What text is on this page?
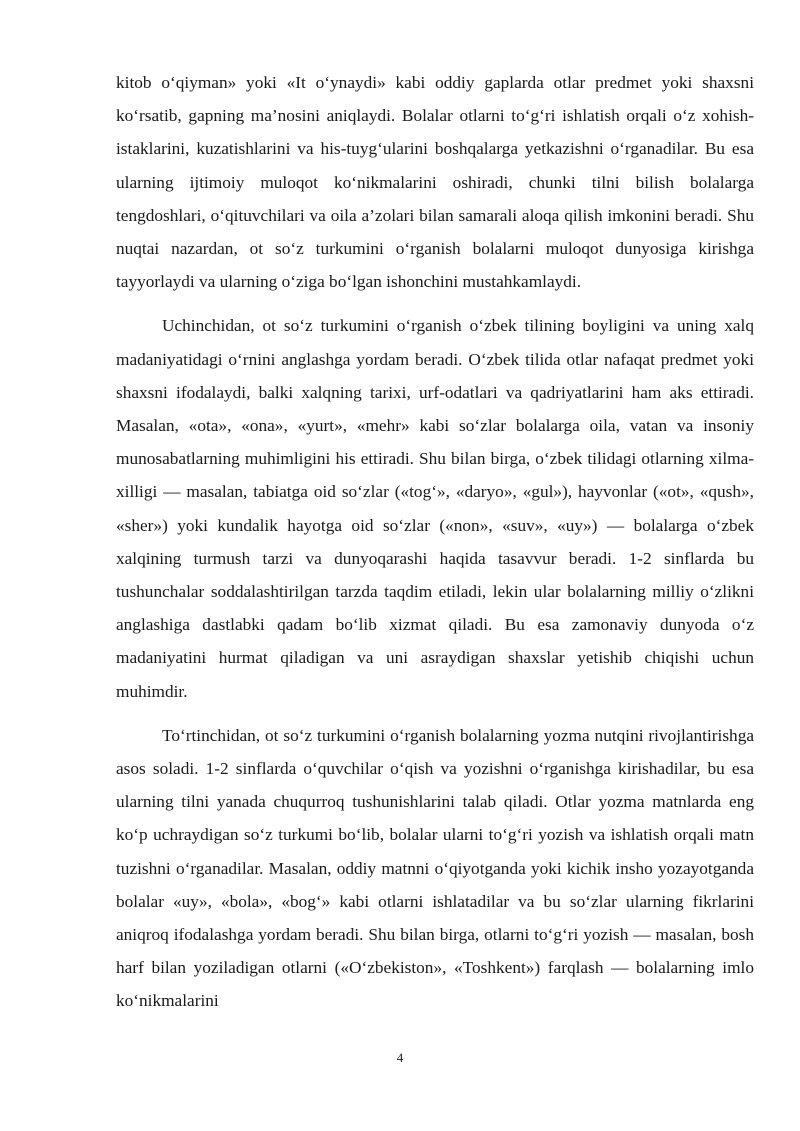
kitob o‘qiyman» yoki «It o‘ynaydi» kabi oddiy gaplarda otlar predmet yoki shaxsni ko‘rsatib, gapning ma’nosini aniqlaydi. Bolalar otlarni to‘g‘ri ishlatish orqali o‘z xohish-istaklarini, kuzatishlarini va his-tuyg‘ularini boshqalarga yetkazishni o‘rganadilar. Bu esa ularning ijtimoiy muloqot ko‘nikmalarini oshiradi, chunki tilni bilish bolalarga tengdoshlari, o‘qituvchilari va oila a’zolari bilan samarali aloqa qilish imkonini beradi. Shu nuqtai nazardan, ot so‘z turkumini o‘rganish bolalarni muloqot dunyosiga kirishga tayyorlaydi va ularning o‘ziga bo‘lgan ishonchini mustahkamlaydi.

Uchinchidan, ot so‘z turkumini o‘rganish o‘zbek tilining boyligini va uning xalq madaniyatidagi o‘rnini anglashga yordam beradi. O‘zbek tilida otlar nafaqat predmet yoki shaxsni ifodalaydi, balki xalqning tarixi, urf-odatlari va qadriyatlarini ham aks ettiradi. Masalan, «ota», «ona», «yurt», «mehr» kabi so‘zlar bolalarga oila, vatan va insoniy munosabatlarning muhimligini his ettiradi. Shu bilan birga, o‘zbek tilidagi otlarning xilma-xilligi — masalan, tabiatga oid so‘zlar («tog‘», «daryo», «gul»), hayvonlar («ot», «qush», «sher») yoki kundalik hayotga oid so‘zlar («non», «suv», «uy») — bolalarga o‘zbek xalqining turmush tarzi va dunyoqarashi haqida tasavvur beradi. 1-2 sinflarda bu tushunchalar soddalashtirilgan tarzda taqdim etiladi, lekin ular bolalarning milliy o‘zlikni anglashiga dastlabki qadam bo‘lib xizmat qiladi. Bu esa zamonaviy dunyoda o‘z madaniyatini hurmat qiladigan va uni asraydigan shaxslar yetishib chiqishi uchun muhimdir.

To‘rtinchidan, ot so‘z turkumini o‘rganish bolalarning yozma nutqini rivojlantirishga asos soladi. 1-2 sinflarda o‘quvchilar o‘qish va yozishni o‘rganishga kirishadilar, bu esa ularning tilni yanada chuqurroq tushunishlarini talab qiladi. Otlar yozma matnlarda eng ko‘p uchraydigan so‘z turkumi bo‘lib, bolalar ularni to‘g‘ri yozish va ishlatish orqali matn tuzishni o‘rganadilar. Masalan, oddiy matnni o‘qiyotganda yoki kichik insho yozayotganda bolalar «uy», «bola», «bog‘» kabi otlarni ishlatadilar va bu so‘zlar ularning fikrlarini aniqroq ifodalashga yordam beradi. Shu bilan birga, otlarni to‘g‘ri yozish — masalan, bosh harf bilan yoziladigan otlarni («O‘zbekiston», «Toshkent») farqlash — bolalarning imlo ko‘nikmalarini

4
